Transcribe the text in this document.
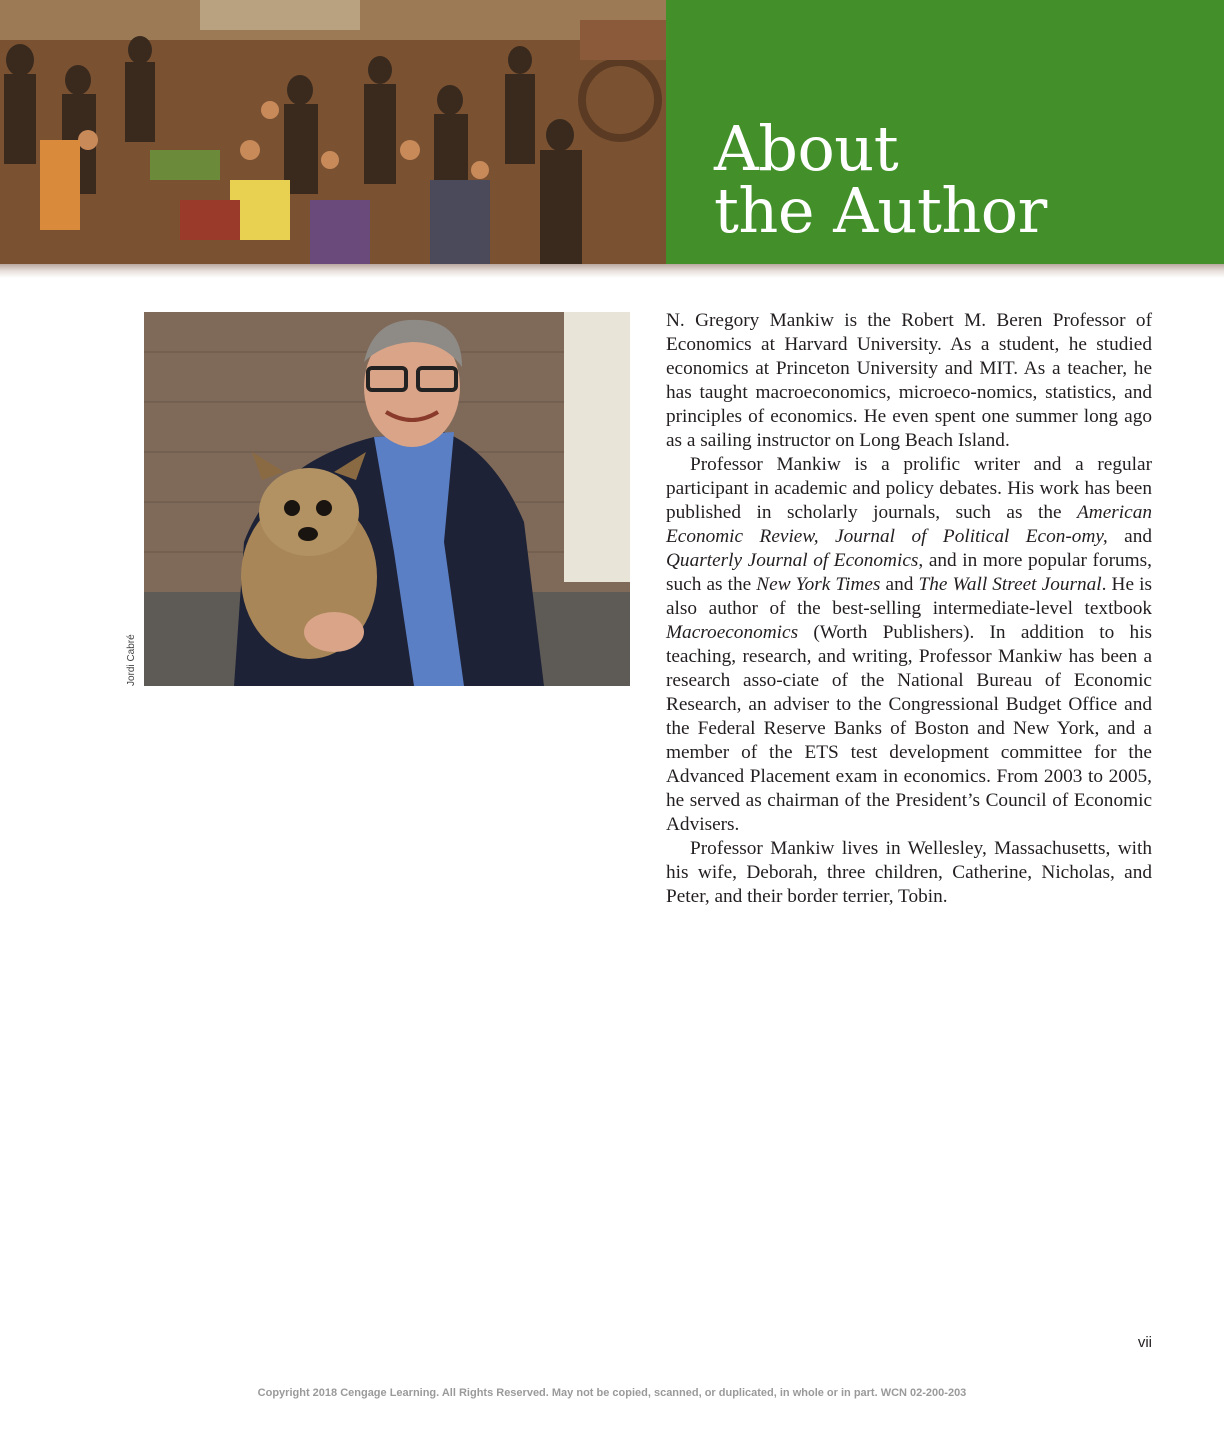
About
the Author
Jordi Cabré

N. Gregory Mankiw is the Robert M. Beren Professor of Economics at Harvard University. As a student, he studied economics at Princeton University and MIT. As a teacher, he has taught macroeconomics, microeco-nomics, statistics, and principles of economics. He even spent one summer long ago as a sailing instructor on Long Beach Island.

Professor Mankiw is a prolific writer and a regular participant in academic and policy debates. His work has been published in scholarly journals, such as the American Economic Review, Journal of Political Econ-omy, and Quarterly Journal of Economics, and in more popular forums, such as the New York Times and The Wall Street Journal. He is also author of the best-selling intermediate-level textbook Macroeconomics (Worth Publishers). In addition to his teaching, research, and writing, Professor Mankiw has been a research asso-ciate of the National Bureau of Economic Research, an adviser to the Congressional Budget Office and the Federal Reserve Banks of Boston and New York, and a member of the ETS test development committee for the Advanced Placement exam in economics. From 2003 to 2005, he served as chairman of the President’s Council of Economic Advisers.

Professor Mankiw lives in Wellesley, Massachusetts, with his wife, Deborah, three children, Catherine, Nicholas, and Peter, and their border terrier, Tobin.

vii
Copyright 2018 Cengage Learning. All Rights Reserved. May not be copied, scanned, or duplicated, in whole or in part. WCN 02-200-203
